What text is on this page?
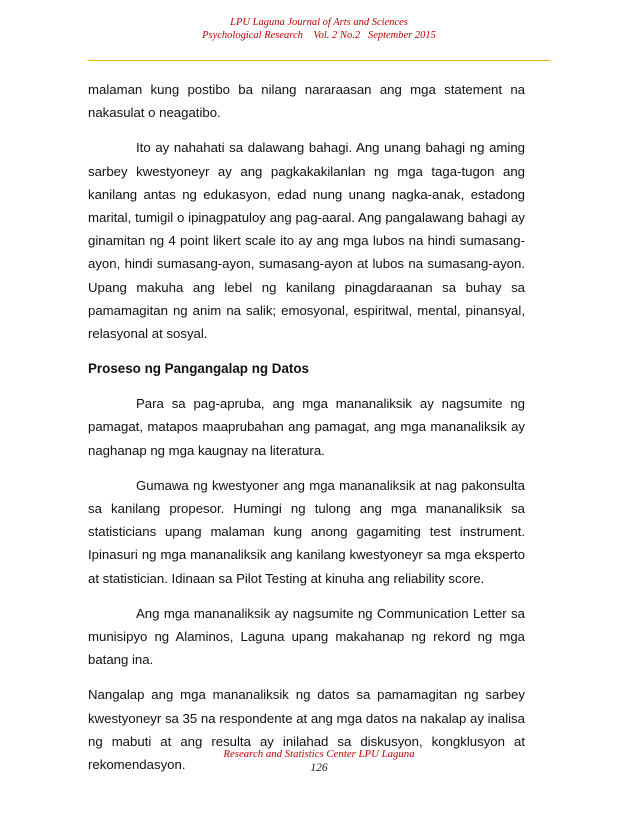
LPU Laguna Journal of Arts and Sciences
Psychological Research    Vol. 2 No.2   September 2015

malaman kung postibo ba nilang nararaasan ang mga statement na nakasulat o neagatibo.

Ito ay nahahati sa dalawang bahagi. Ang unang bahagi ng aming sarbey kwestyoneyr ay ang pagkakakilanlan ng mga taga-tugon ang kanilang antas ng edukasyon, edad nung unang nagka-anak, estadong marital, tumigil o ipinagpatuloy ang pag-aaral. Ang pangalawang bahagi ay ginamitan ng 4 point likert scale ito ay ang mga lubos na hindi sumasang-ayon, hindi sumasang-ayon, sumasang-ayon at lubos na sumasang-ayon. Upang makuha ang lebel ng kanilang pinagdaraanan sa buhay sa pamamagitan ng anim na salik; emosyonal, espiritwal, mental, pinansyal, relasyonal at sosyal.

Proseso ng Pangangalap ng Datos

Para sa pag-apruba, ang mga mananaliksik ay nagsumite ng pamagat, matapos maaprubahan ang pamagat, ang mga mananaliksik ay naghanap ng mga kaugnay na literatura.

Gumawa ng kwestyoner ang mga mananaliksik at nag pakonsulta sa kanilang propesor. Humingi ng tulong ang mga mananaliksik sa statisticians upang malaman kung anong gagamiting test instrument. Ipinasuri ng mga mananaliksik ang kanilang kwestyoneyr sa mga eksperto at statistician. Idinaan sa Pilot Testing at kinuha ang reliability score.

Ang mga mananaliksik ay nagsumite ng Communication Letter sa munisipyo ng Alaminos, Laguna upang makahanap ng rekord ng mga batang ina.

Nangalap ang mga mananaliksik ng datos sa pamamagitan ng sarbey kwestyoneyr sa 35 na respondente at ang mga datos na nakalap ay inalisa ng mabuti at ang resulta ay inilahad sa diskusyon, kongklusyon at rekomendasyon.

Research and Statistics Center LPU Laguna
126
